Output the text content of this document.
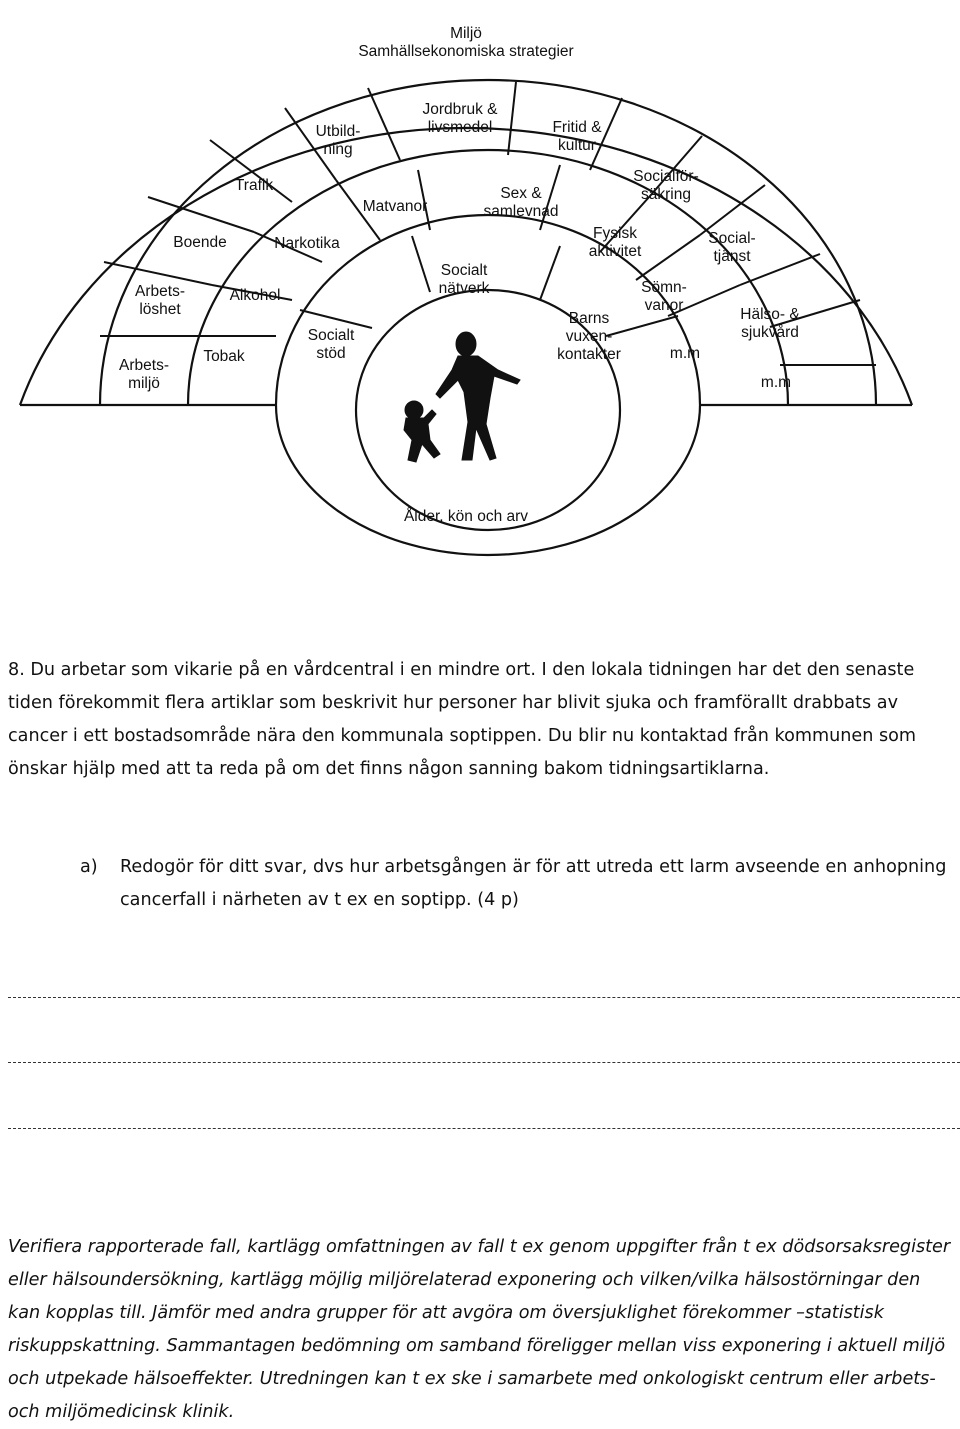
Miljö
Samhällsekonomiska strategier
Arbets-miljö
Arbets-löshet
Boende
Trafik
Utbild-ning
Jordbruk & livsmedel	Fritid & kultur
Socialför-säkring
Social-tjänst
Hälso- & sjukvård
m.m
Tobak
Alkohol
Narkotika
Matvanor
Sex & samlevnad
Fysisk aktivitet
Sömn-vanor
m.m
Socialt stöd
Socialt nätverk
Barns vuxen-kontakter
Ålder, kön och arv

8. Du arbetar som vikarie på en vårdcentral i en mindre ort. I den lokala tidningen har det den senaste tiden förekommit flera artiklar som beskrivit hur personer har blivit sjuka och framförallt drabbats av cancer i ett bostadsområde nära den kommunala soptippen. Du blir nu kontaktad från kommunen som önskar hjälp med att ta reda på om det finns någon sanning bakom tidningsartiklarna.

a) Redogör för ditt svar, dvs hur arbetsgången är för att utreda ett larm avseende en anhopning cancerfall i närheten av t ex en soptipp. (4 p)

Verifiera rapporterade fall, kartlägg omfattningen av fall t ex genom uppgifter från t ex dödsorsaksregister eller hälsoundersökning, kartlägg möjlig miljörelaterad exponering och vilken/vilka hälsostörningar den kan kopplas till. Jämför med andra grupper för att avgöra om översjuklighet förekommer –statistisk riskuppskattning. Sammantagen bedömning om samband föreligger mellan viss exponering i aktuell miljö och utpekade hälsoeffekter. Utredningen kan t ex ske i samarbete med onkologiskt centrum eller arbets- och miljömedicinsk klinik.
